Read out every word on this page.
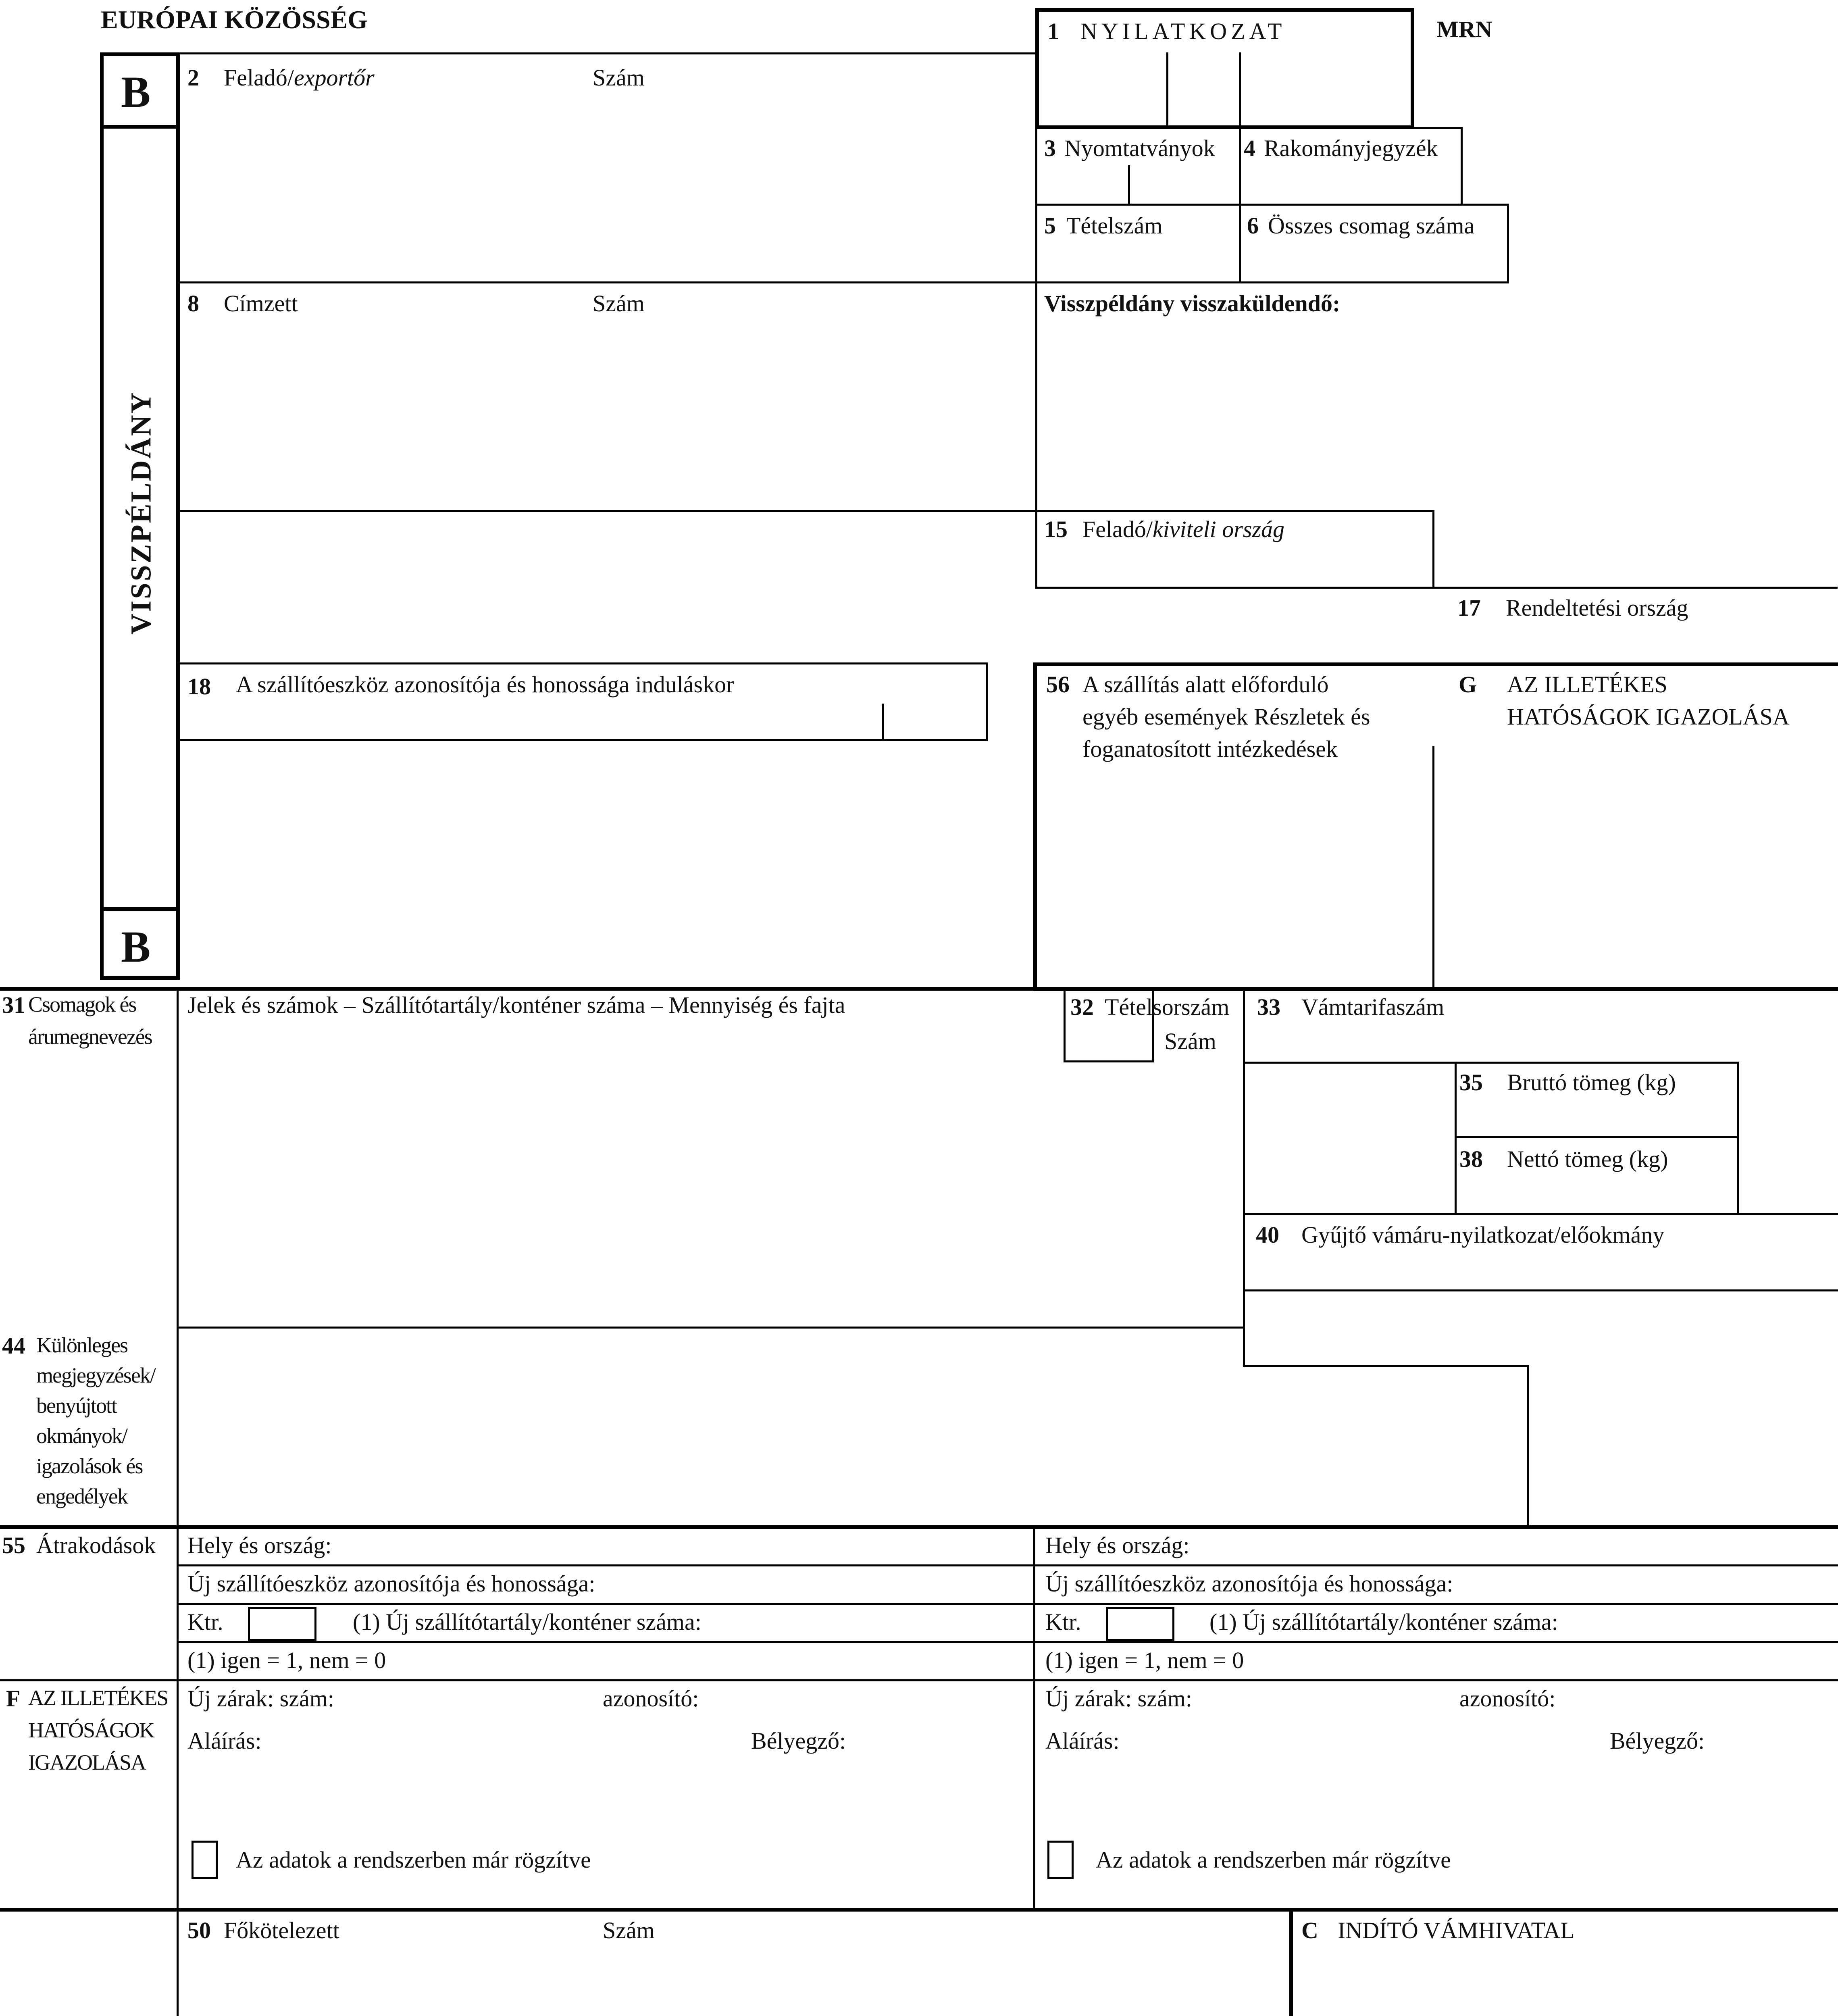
EURÓPAI KÖZÖSSÉG	1 NYILATKOZAT	MRN
B
B
VISSZPÉLDÁNY
2 Feladó/exportőr	Szám
3 Nyomtatványok 4 Rakományjegyzék
5 Tételszám	6 Összes csomag száma
8 Címzett	Szám	Visszpéldány visszaküldendő:
15 Feladó/kiviteli ország
17 Rendeltetési ország
18 A szállítóeszköz azonosítója és honossága induláskor	56 A szállítás alatt előforduló
egyéb események Részletek és
foganatosított intézkedések
G AZ ILLETÉKES
HATÓSÁGOK IGAZOLÁSA
31 Csomagok és
árumegnevezés
Jelek és számok – Szállítótartály/konténer száma – Mennyiség és fajta	32 Tételsorszám
Szám
33 Vámtarifaszám
35 Bruttó tömeg (kg)
38 Nettó tömeg (kg)
40 Gyűjtő vámáru-nyilatkozat/előokmány
44 Különleges
megjegyzések/
benyújtott
okmányok/
igazolások és
engedélyek
55 Átrakodások Hely és ország:	Hely és ország:
Új szállítóeszköz azonosítója és honossága:	Új szállítóeszköz azonosítója és honossága:
Ktr.	(1) Új szállítótartály/konténer száma:	Ktr.	(1) Új szállítótartály/konténer száma:
(1) igen = 1, nem = 0	(1) igen = 1, nem = 0
F AZ ILLETÉKES
HATÓSÁGOK
IGAZOLÁSA
Új zárak: szám:	azonosító:	Új zárak: szám:	azonosító:
Aláírás:	Bélyegző:	Aláírás:	Bélyegző:
Az adatok a rendszerben már rögzítve	Az adatok a rendszerben már rögzítve
50 Főkötelezett	Szám	C INDÍTÓ VÁMHIVATAL
